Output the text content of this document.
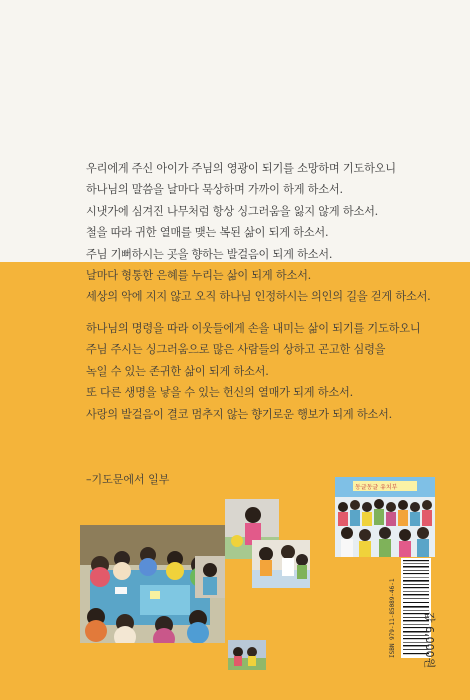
우리에게 주신 아이가 주님의 영광이 되기를 소망하며 기도하오니

하나님의 말씀을 날마다 묵상하며 가까이 하게 하소서.

시냇가에 심겨진 나무처럼 항상 싱그러움을 잃지 않게 하소서.

철을 따라 귀한 열매를 맺는 복된 삶이 되게 하소서.

주님 기뻐하시는 곳을 향하는 발걸음이 되게 하소서.

날마다 형통한 은혜를 누리는 삶이 되게 하소서.

세상의 악에 지지 않고 오직 하나님 인정하시는 의인의 길을 걷게 하소서.

하나님의 명령을 따라 이웃들에게 손을 내미는 삶이 되기를 기도하오니

주님 주시는 싱그러움으로 많은 사람들의 상하고 곤고한 심령을

녹일 수 있는 존귀한 삶이 되게 하소서.

또 다른 생명을 낳을 수 있는 헌신의 열매가 되게 하소서.

사랑의 발걸음이 결코 멈추지 않는 향기로운 행보가 되게 하소서.

–기도문에서 일부
동글동글 유치부
ISBN 979-11-85089-46-1 값 6,000원
